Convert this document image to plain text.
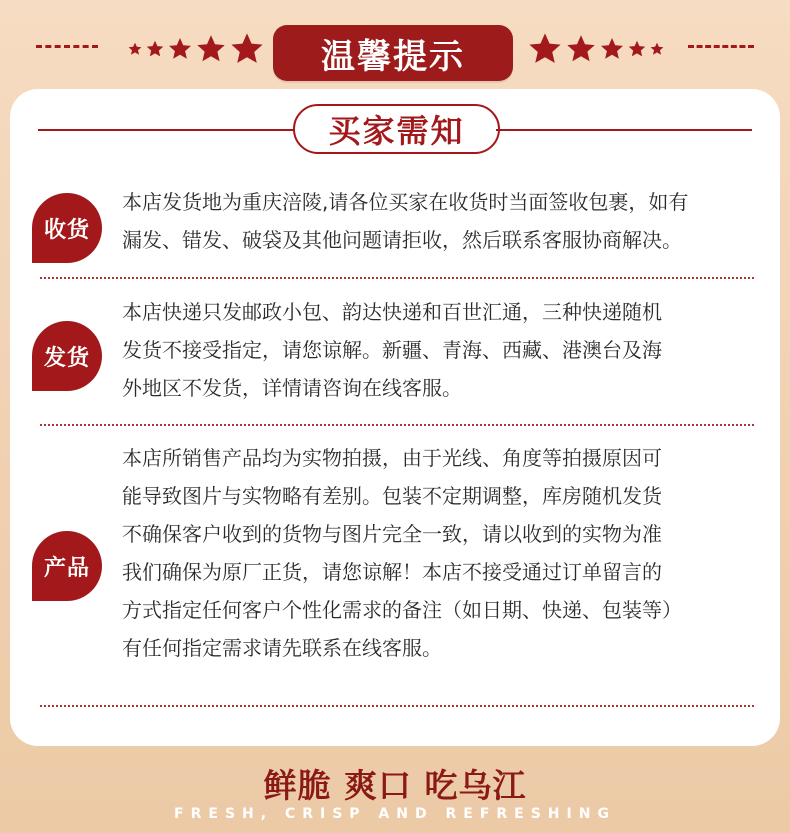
温馨提示
买家需知
收货

本店发货地为重庆涪陵,请各位买家在收货时当面签收包裹，如有
漏发、错发、破袋及其他问题请拒收，然后联系客服协商解决。

发货

本店快递只发邮政小包、韵达快递和百世汇通，三种快递随机
发货不接受指定，请您谅解。新疆、青海、西藏、港澳台及海
外地区不发货，详情请咨询在线客服。

产品

本店所销售产品均为实物拍摄，由于光线、角度等拍摄原因可
能导致图片与实物略有差别。包装不定期调整，库房随机发货
不确保客户收到的货物与图片完全一致，请以收到的实物为准
我们确保为原厂正货，请您谅解！本店不接受通过订单留言的
方式指定任何客户个性化需求的备注（如日期、快递、包装等）
有任何指定需求请先联系在线客服。

鲜脆 爽口 吃乌江
FRESH, CRISP AND REFRESHING
